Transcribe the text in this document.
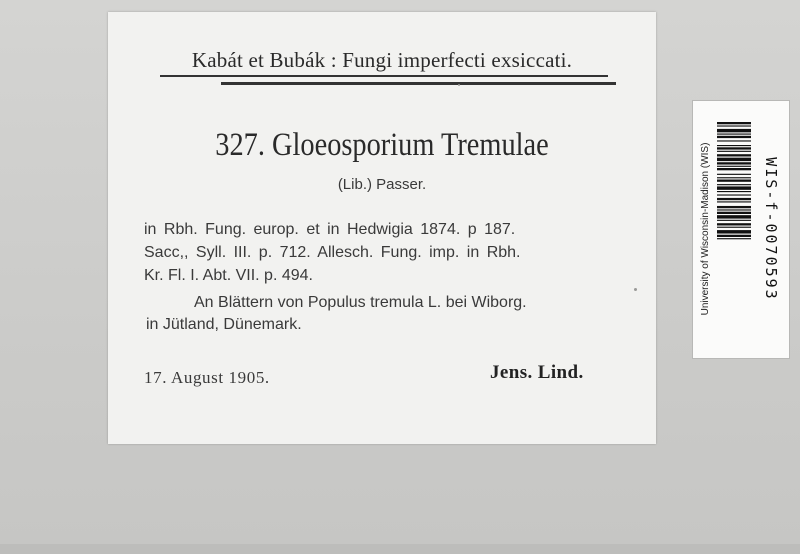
Kabát et Bubák : Fungi imperfecti exsiccati.
327. Gloeosporium Tremulae
(Lib.) Passer.
in Rbh. Fung. europ. et in Hedwigia 1874. p 187.
Sacc,, Syll. III. p. 712. Allesch. Fung. imp. in Rbh.
Kr. Fl. I. Abt. VII. p. 494.
An Blättern von Populus tremula L. bei Wiborg.
in Jütland, Dünemark.
17. August 1905.	Jens. Lind.
University of Wisconsin-Madison (WIS)	WIS-f-0070593
